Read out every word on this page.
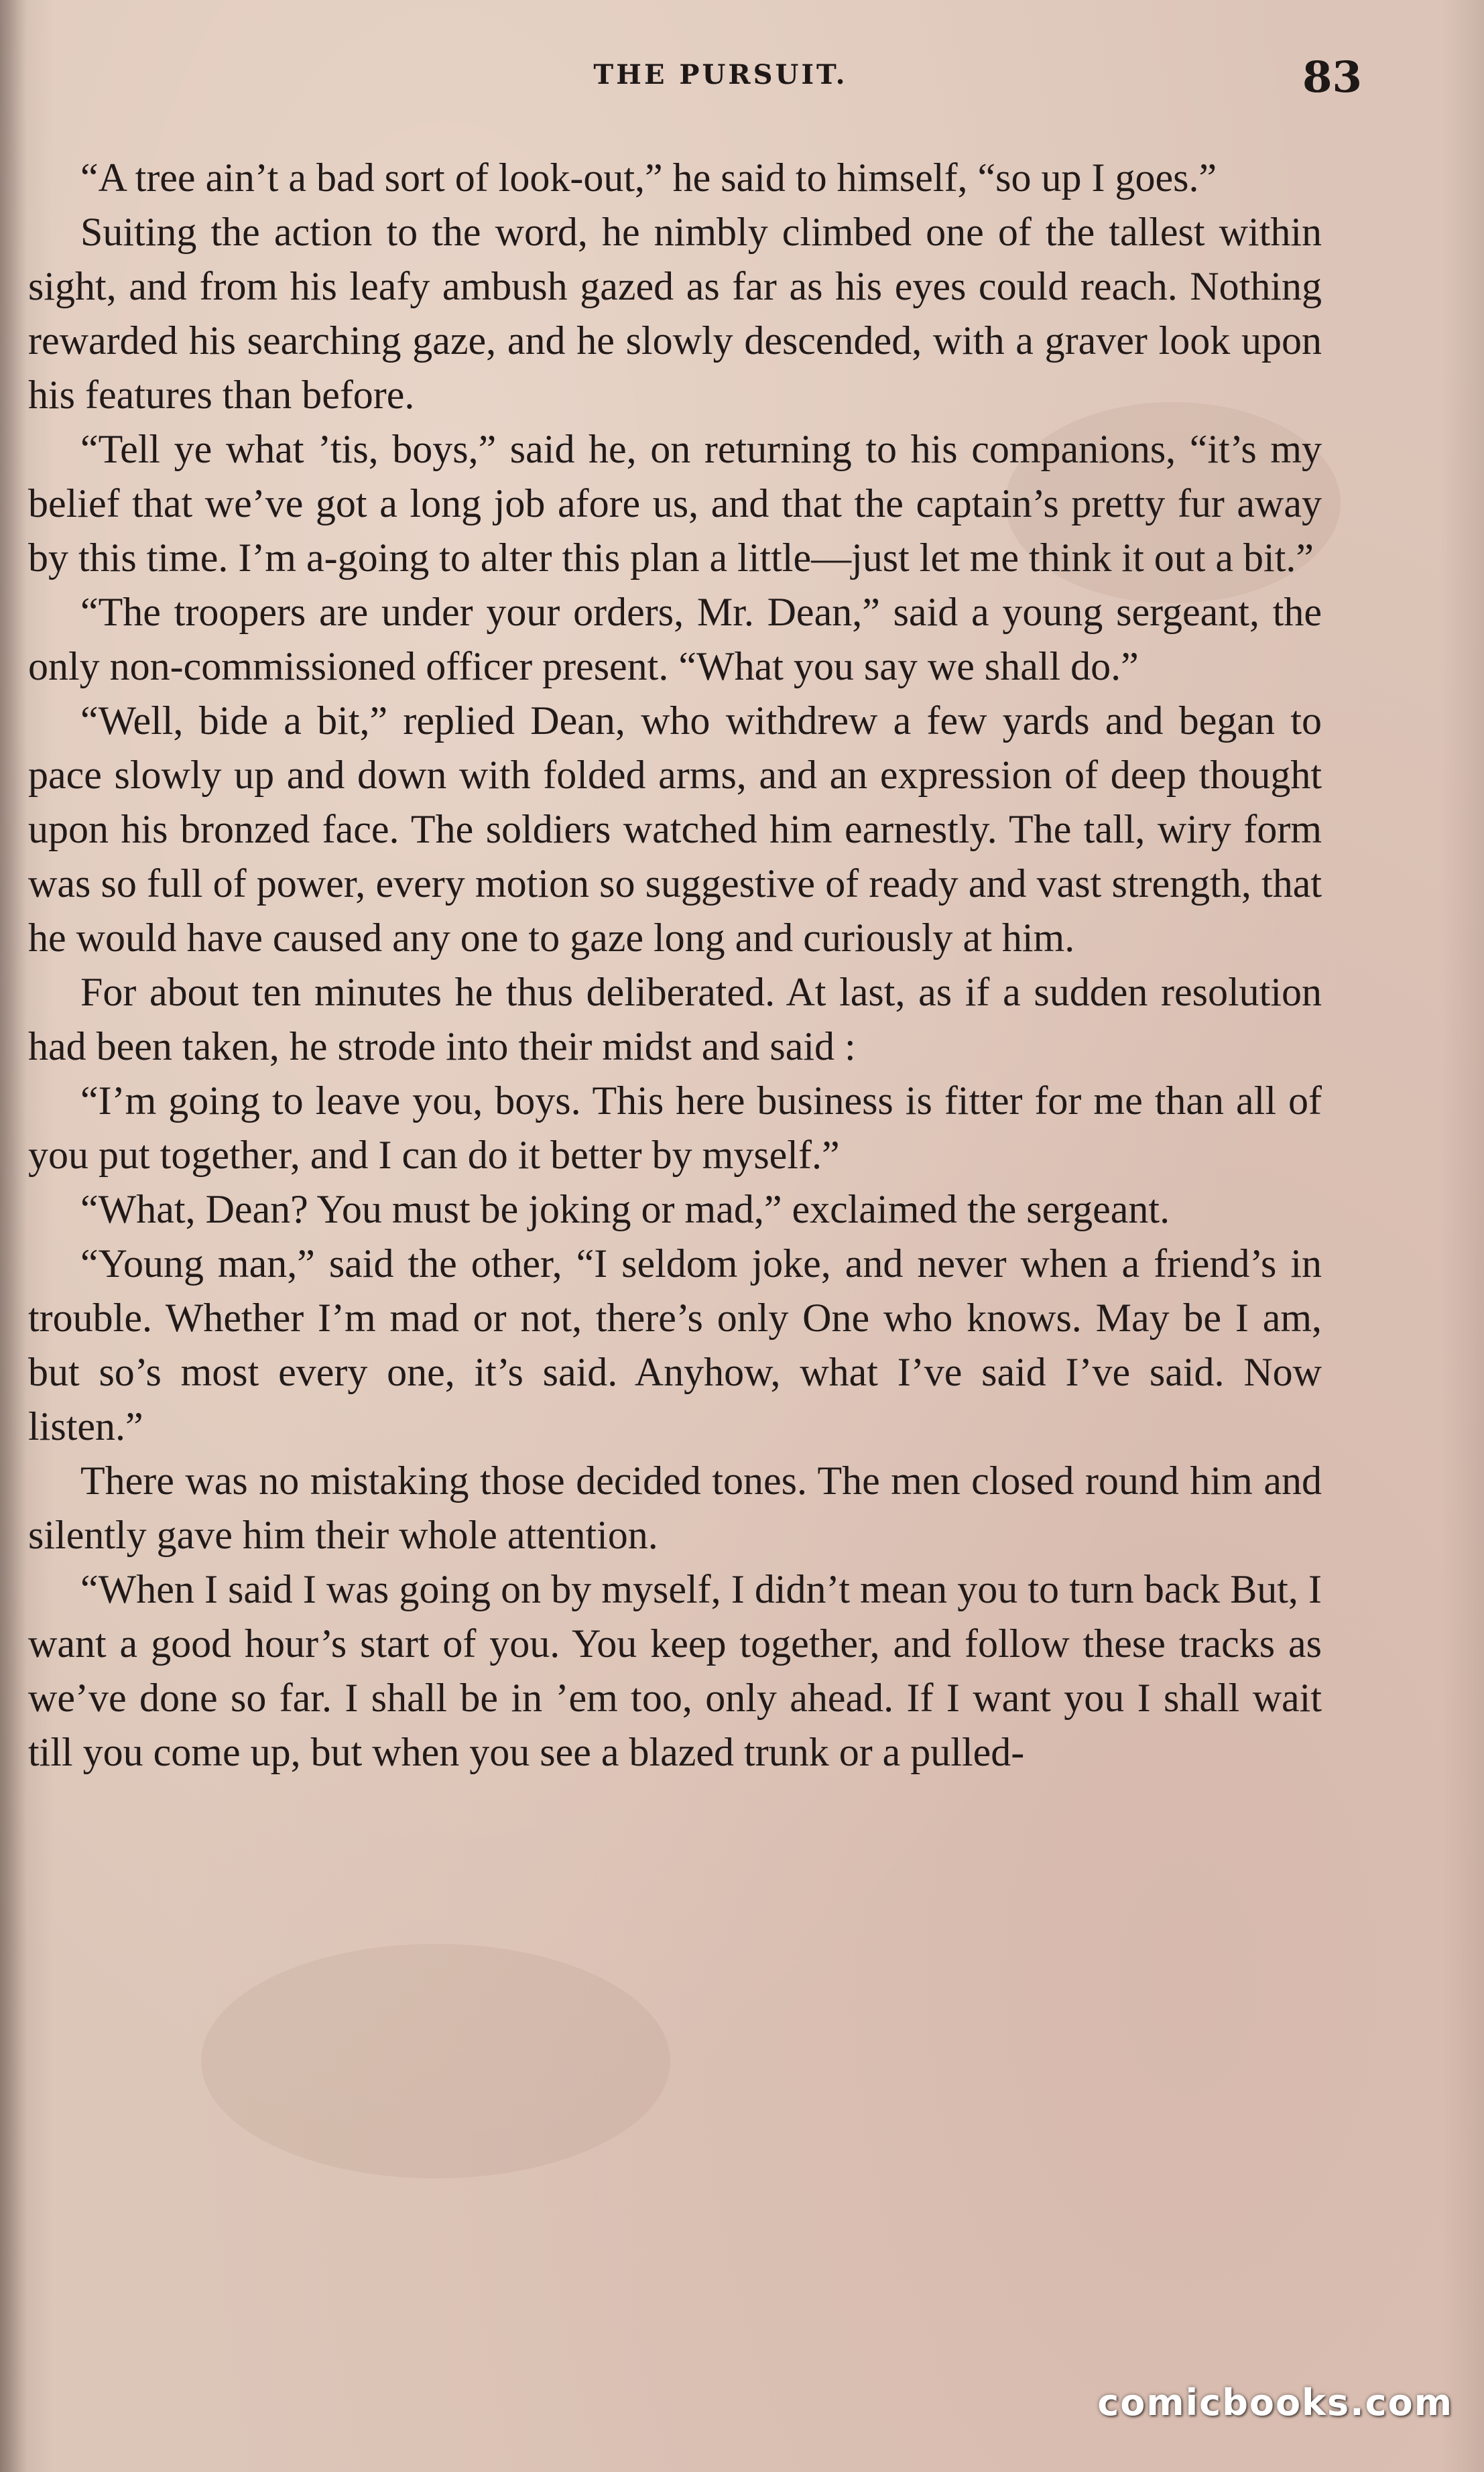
THE PURSUIT.	83

“A tree ain’t a bad sort of look-out,” he said to himself, “so up I goes.”

Suiting the action to the word, he nimbly climbed one of the tallest within sight, and from his leafy ambush gazed as far as his eyes could reach. Nothing rewarded his searching gaze, and he slowly descended, with a graver look upon his features than before.

“Tell ye what ’tis, boys,” said he, on returning to his companions, “it’s my belief that we’ve got a long job afore us, and that the captain’s pretty fur away by this time. I’m a-going to alter this plan a little—just let me think it out a bit.”

“The troopers are under your orders, Mr. Dean,” said a young sergeant, the only non-commissioned officer present. “What you say we shall do.”

“Well, bide a bit,” replied Dean, who withdrew a few yards and began to pace slowly up and down with folded arms, and an expression of deep thought upon his bronzed face. The soldiers watched him earnestly. The tall, wiry form was so full of power, every motion so suggestive of ready and vast strength, that he would have caused any one to gaze long and curiously at him.

For about ten minutes he thus deliberated. At last, as if a sudden resolution had been taken, he strode into their midst and said :

“I’m going to leave you, boys. This here business is fitter for me than all of you put together, and I can do it better by myself.”

“What, Dean? You must be joking or mad,” exclaimed the sergeant.

“Young man,” said the other, “I seldom joke, and never when a friend’s in trouble. Whether I’m mad or not, there’s only One who knows. May be I am, but so’s most every one, it’s said. Anyhow, what I’ve said I’ve said. Now listen.”

There was no mistaking those decided tones. The men closed round him and silently gave him their whole attention.

“When I said I was going on by myself, I didn’t mean you to turn back But, I want a good hour’s start of you. You keep together, and follow these tracks as we’ve done so far. I shall be in ’em too, only ahead. If I want you I shall wait till you come up, but when you see a blazed trunk or a pulled-

comicbooks.com
